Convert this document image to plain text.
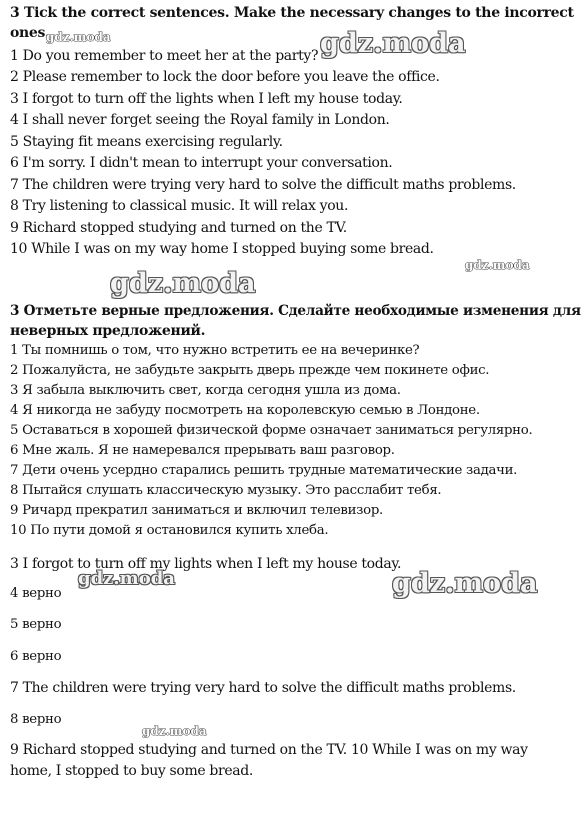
3 Tick the correct sentences. Make the necessary changes to the incorrect
ones.
1 Do you remember to meet her at the party?
2 Please remember to lock the door before you leave the office.
3 I forgot to turn off the lights when I left my house today.
4 I shall never forget seeing the Royal family in London.
5 Staying fit means exercising regularly.
6 I'm sorry. I didn't mean to interrupt your conversation.
7 The children were trying very hard to solve the difficult maths problems.
8 Try listening to classical music. It will relax you.
9 Richard stopped studying and turned on the TV.
10 While I was on my way home I stopped buying some bread.
3 Отметьте верные предложения. Сделайте необходимые изменения для
неверных предложений.
1 Ты помнишь о том, что нужно встретить ее на вечеринке?
2 Пожалуйста, не забудьте закрыть дверь прежде чем покинете офис.
3 Я забыла выключить свет, когда сегодня ушла из дома.
4 Я никогда не забуду посмотреть на королевскую семью в Лондоне.
5 Оставаться в хорошей физической форме означает заниматься регулярно.
6 Мне жаль. Я не намеревался прерывать ваш разговор.
7 Дети очень усердно старались решить трудные математические задачи.
8 Пытайся слушать классическую музыку. Это расслабит тебя.
9 Ричард прекратил заниматься и включил телевизор.
10 По пути домой я остановился купить хлеба.
3 I forgot to turn off my lights when I left my house today.
4 верно
5 верно
6 верно
7 The children were trying very hard to solve the difficult maths problems.
8 верно
9 Richard stopped studying and turned on the TV. 10 While I was on my way
home, I stopped to buy some bread.
gdz.moda	gdz.moda
gdz.moda
gdz.moda
gdz.moda	gdz.moda
gdz.moda
